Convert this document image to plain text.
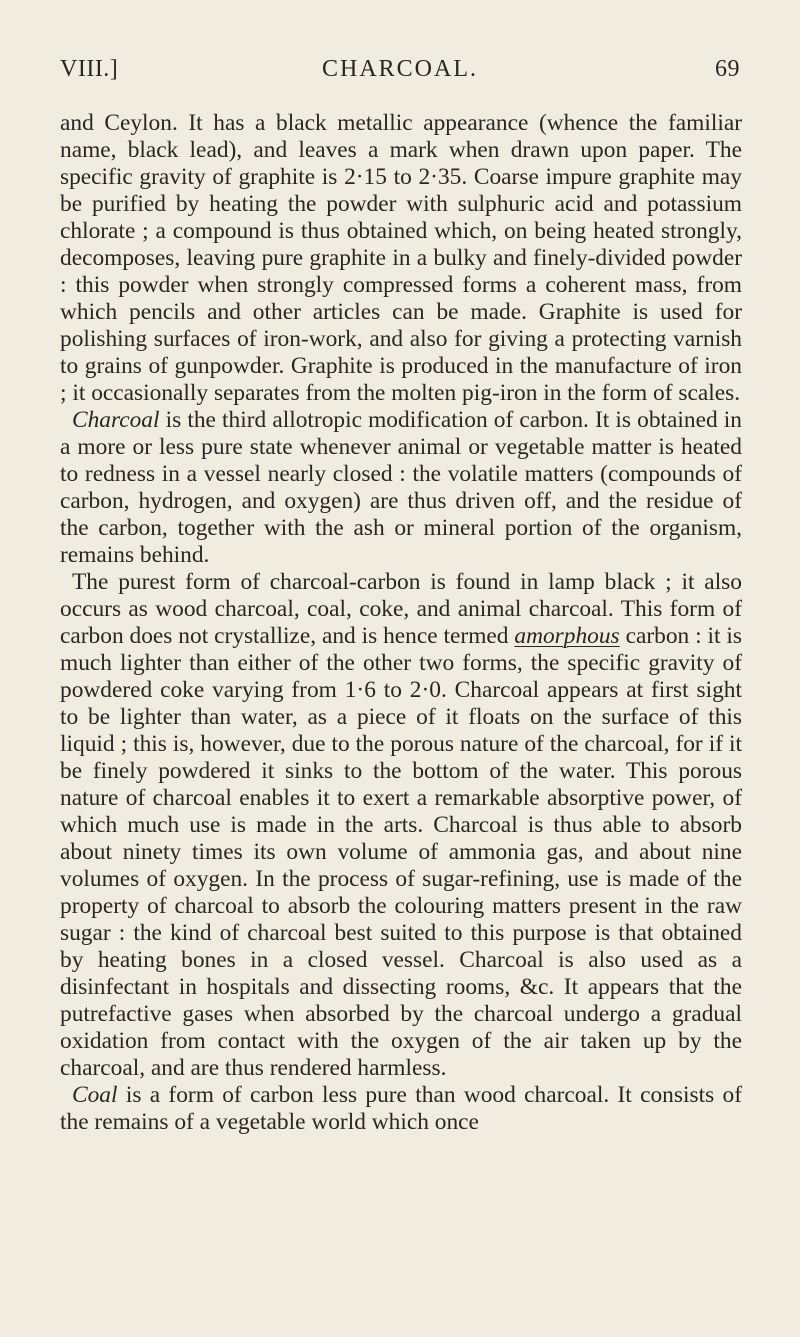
VIII.]	CHARCOAL.	69

and Ceylon. It has a black metallic appearance (whence the familiar name, black lead), and leaves a mark when drawn upon paper. The specific gravity of graphite is 2·15 to 2·35. Coarse impure graphite may be purified by heating the powder with sulphuric acid and potassium chlorate ; a compound is thus obtained which, on being heated strongly, decomposes, leaving pure graphite in a bulky and finely-divided powder : this powder when strongly compressed forms a coherent mass, from which pencils and other articles can be made. Graphite is used for polishing surfaces of iron-work, and also for giving a protecting varnish to grains of gunpowder. Graphite is produced in the manufacture of iron ; it occasionally separates from the molten pig-iron in the form of scales.

Charcoal is the third allotropic modification of carbon. It is obtained in a more or less pure state whenever animal or vegetable matter is heated to redness in a vessel nearly closed : the volatile matters (compounds of carbon, hydrogen, and oxygen) are thus driven off, and the residue of the carbon, together with the ash or mineral portion of the organism, remains behind.

The purest form of charcoal-carbon is found in lamp black ; it also occurs as wood charcoal, coal, coke, and animal charcoal. This form of carbon does not crystallize, and is hence termed amorphous carbon : it is much lighter than either of the other two forms, the specific gravity of powdered coke varying from 1·6 to 2·0. Charcoal appears at first sight to be lighter than water, as a piece of it floats on the surface of this liquid ; this is, however, due to the porous nature of the charcoal, for if it be finely powdered it sinks to the bottom of the water. This porous nature of charcoal enables it to exert a remarkable absorptive power, of which much use is made in the arts. Charcoal is thus able to absorb about ninety times its own volume of ammonia gas, and about nine volumes of oxygen. In the process of sugar-refining, use is made of the property of charcoal to absorb the colouring matters present in the raw sugar : the kind of charcoal best suited to this purpose is that obtained by heating bones in a closed vessel. Charcoal is also used as a disinfectant in hospitals and dissecting rooms, &c. It appears that the putrefactive gases when absorbed by the charcoal undergo a gradual oxidation from contact with the oxygen of the air taken up by the charcoal, and are thus rendered harmless.

Coal is a form of carbon less pure than wood charcoal. It consists of the remains of a vegetable world which once
